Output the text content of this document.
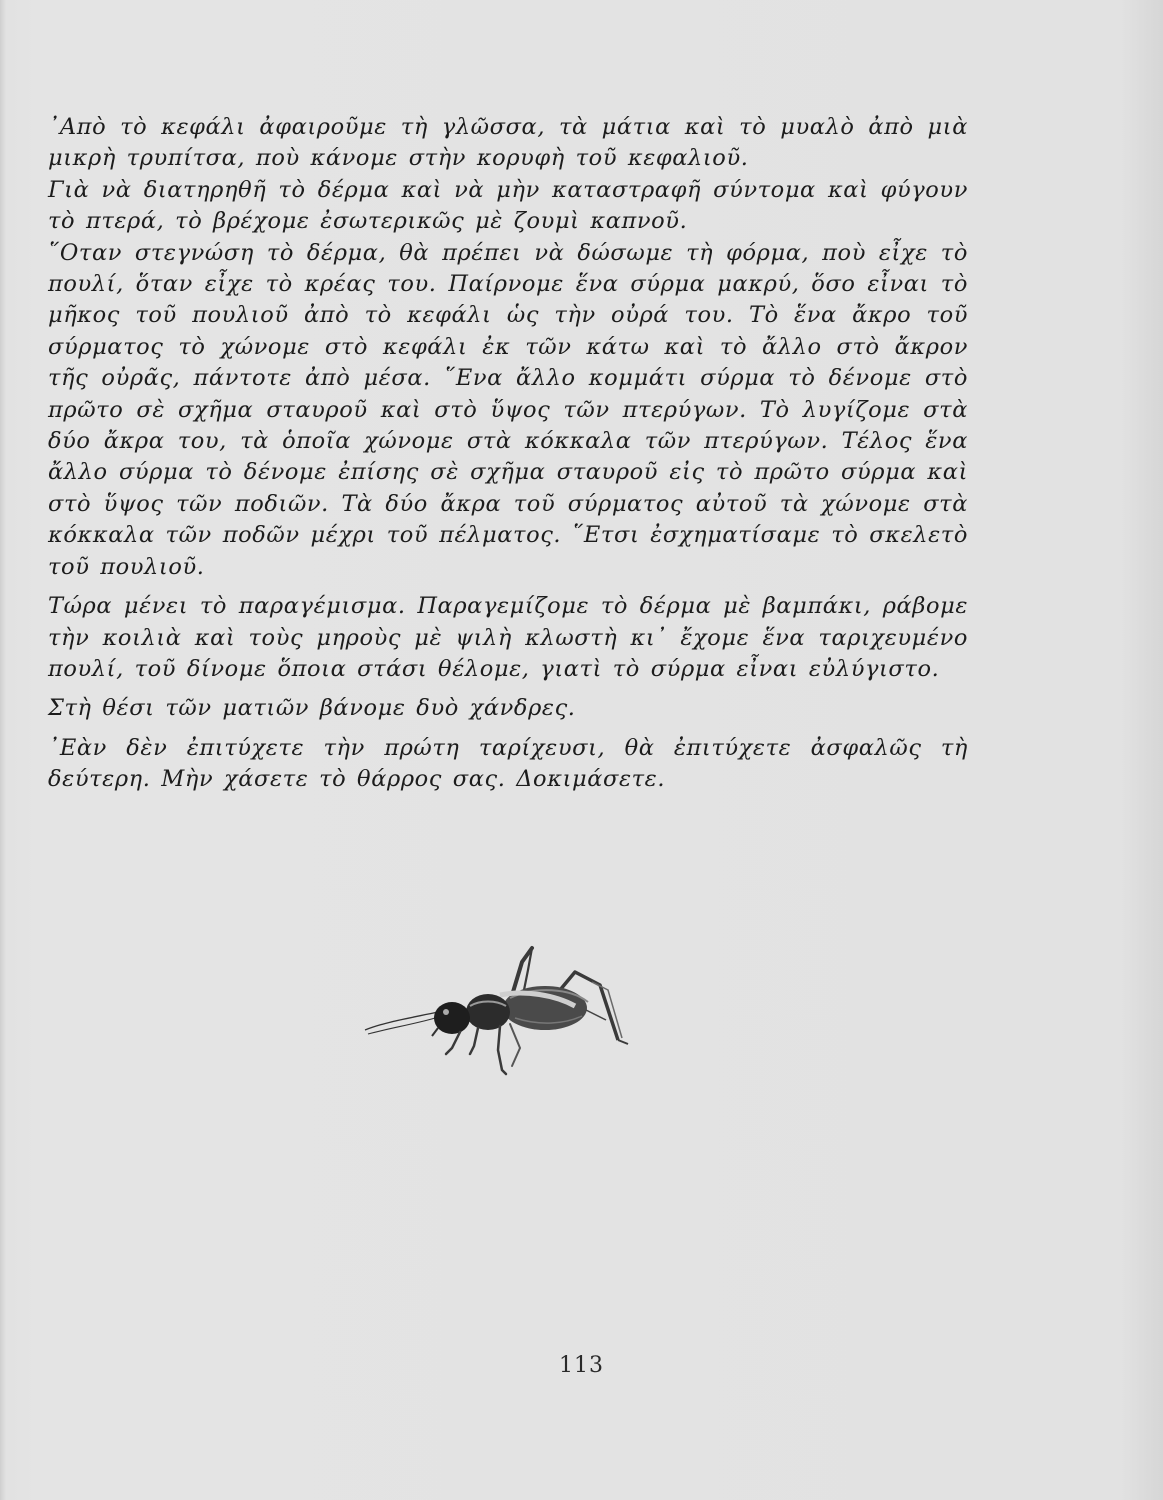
᾿Απὸ τὸ κεφάλι ἀφαιροῦμε τὴ γλῶσσα, τὰ μάτια καὶ τὸ μυαλὸ ἀπὸ μιὰ μικρὴ τρυπίτσα, ποὺ κάνομε στὴν κορυφὴ τοῦ κεφαλιοῦ.

Γιὰ νὰ διατηρηθῆ τὸ δέρμα καὶ νὰ μὴν καταστραφῆ σύντομα καὶ φύγουν τὸ πτερά, τὸ βρέχομε ἐσωτερικῶς μὲ ζουμὶ καπνοῦ.

῞Οταν στεγνώση τὸ δέρμα, θὰ πρέπει νὰ δώσωμε τὴ φόρμα, ποὺ εἶχε τὸ πουλί, ὅταν εἶχε τὸ κρέας του. Παίρνομε ἕνα σύρμα μακρύ, ὅσο εἶναι τὸ μῆκος τοῦ πουλιοῦ ἀπὸ τὸ κεφάλι ὡς τὴν οὐρά του. Τὸ ἕνα ἄκρο τοῦ σύρματος τὸ χώνομε στὸ κεφάλι ἐκ τῶν κάτω καὶ τὸ ἄλλο στὸ ἄκρον τῆς οὐρᾶς, πάντοτε ἀπὸ μέσα. ῞Ενα ἄλλο κομμάτι σύρμα τὸ δένομε στὸ πρῶτο σὲ σχῆμα σταυροῦ καὶ στὸ ὕψος τῶν πτερύγων. Τὸ λυγίζομε στὰ δύο ἄκρα του, τὰ ὁποῖα χώνομε στὰ κόκκαλα τῶν πτερύγων. Τέλος ἕνα ἄλλο σύρμα τὸ δένομε ἐπίσης σὲ σχῆμα σταυροῦ εἰς τὸ πρῶτο σύρμα καὶ στὸ ὕψος τῶν ποδιῶν. Τὰ δύο ἄκρα τοῦ σύρματος αὐτοῦ τὰ χώνομε στὰ κόκκαλα τῶν ποδῶν μέχρι τοῦ πέλματος. ῞Ετσι ἐσχηματίσαμε τὸ σκελετὸ τοῦ πουλιοῦ.

Τώρα μένει τὸ παραγέμισμα. Παραγεμίζομε τὸ δέρμα μὲ βαμπάκι, ράβομε τὴν κοιλιὰ καὶ τοὺς μηροὺς μὲ ψιλὴ κλωστὴ κι᾿ ἔχομε ἕνα ταριχευμένο πουλί, τοῦ δίνομε ὅποια στάσι θέλομε, γιατὶ τὸ σύρμα εἶναι εὐλύγιστο.

Στὴ θέσι τῶν ματιῶν βάνομε δυὸ χάνδρες.

᾿Εὰν δὲν ἐπιτύχετε τὴν πρώτη ταρίχευσι, θὰ ἐπιτύχετε ἀσφαλῶς τὴ δεύτερη. Μὴν χάσετε τὸ θάρρος σας. Δοκιμάσετε.

113
